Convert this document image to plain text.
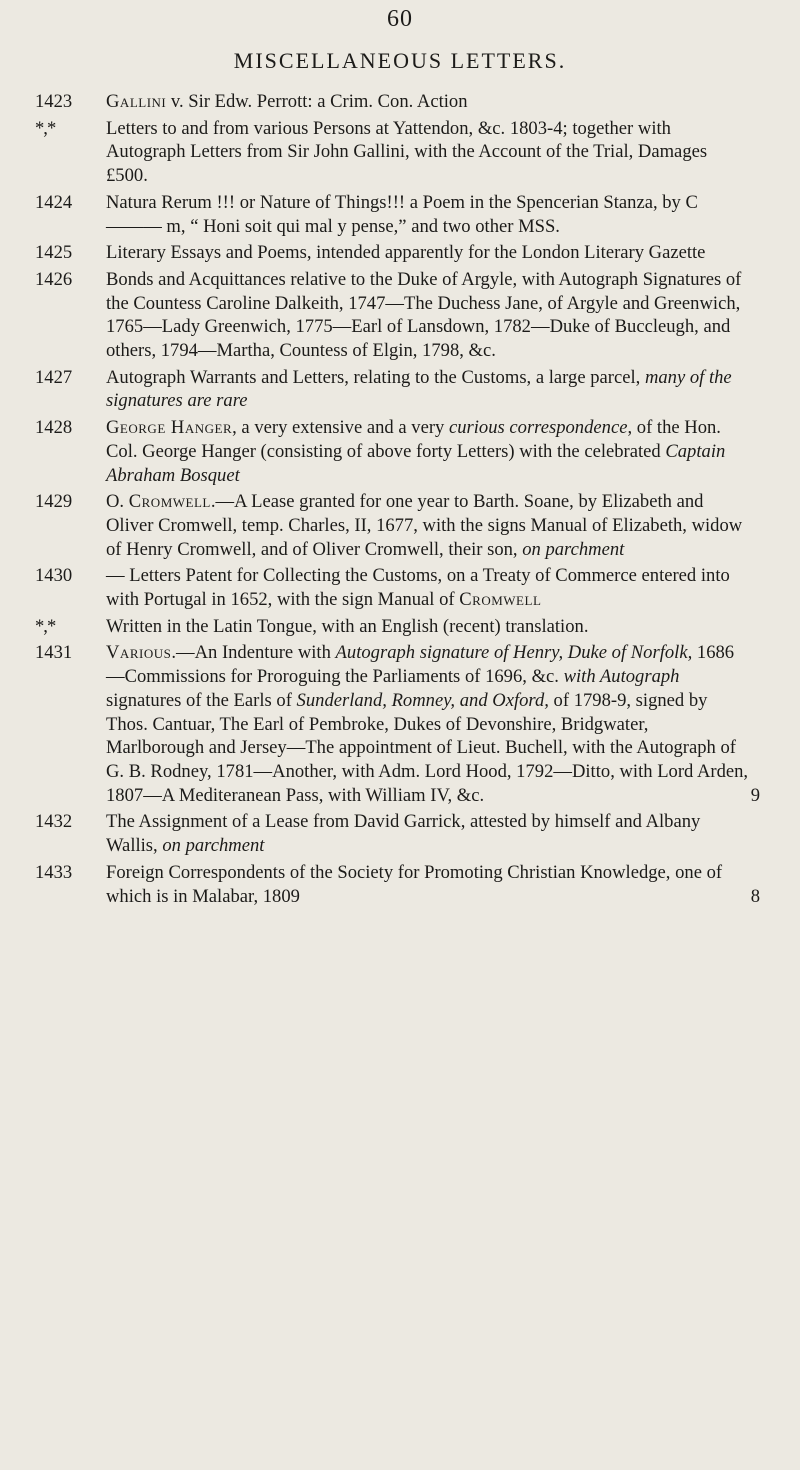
60
MISCELLANEOUS LETTERS.
1423	Gallini v. Sir Edw. Perrott: a Crim. Con. Action
*,*	Letters to and from various Persons at Yattendon, &c. 1803-4; together with Autograph Letters from Sir John Gallini, with the Account of the Trial, Damages £500.
1424	Natura Rerum !!! or Nature of Things!!! a Poem in the Spencerian Stanza, by C——— m, “ Honi soit qui mal y pense,” and two other MSS.
1425	Literary Essays and Poems, intended apparently for the London Literary Gazette
1426	Bonds and Acquittances relative to the Duke of Argyle, with Autograph Signatures of the Countess Caroline Dalkeith, 1747—The Duchess Jane, of Argyle and Greenwich, 1765—Lady Greenwich, 1775—Earl of Lansdown, 1782—Duke of Buccleugh, and others, 1794—Martha, Countess of Elgin, 1798, &c.
1427	Autograph Warrants and Letters, relating to the Customs, a large parcel, many of the signatures are rare
1428	George Hanger, a very extensive and a very curious correspondence, of the Hon. Col. George Hanger (consisting of above forty Letters) with the celebrated Captain Abraham Bosquet
1429	O. Cromwell.—A Lease granted for one year to Barth. Soane, by Elizabeth and Oliver Cromwell, temp. Charles, II, 1677, with the signs Manual of Elizabeth, widow of Henry Cromwell, and of Oliver Cromwell, their son, on parchment
1430	— Letters Patent for Collecting the Customs, on a Treaty of Commerce entered into with Portugal in 1652, with the sign Manual of Cromwell
*,*	Written in the Latin Tongue, with an English (recent) translation.
1431	Various.—An Indenture with Autograph signature of Henry, Duke of Norfolk, 1686—Commissions for Proroguing the Parliaments of 1696, &c. with Autograph signatures of the Earls of Sunderland, Romney, and Oxford, of 1798-9, signed by Thos. Cantuar, The Earl of Pembroke, Dukes of Devonshire, Bridgwater, Marlborough and Jersey—The appointment of Lieut. Buchell, with the Autograph of G. B. Rodney, 1781—Another, with Adm. Lord Hood, 1792—Ditto, with Lord Arden, 1807—A Mediteranean Pass, with William IV, &c.	9
1432	The Assignment of a Lease from David Garrick, attested by himself and Albany Wallis, on parchment
1433	Foreign Correspondents of the Society for Promoting Christian Knowledge, one of which is in Malabar, 1809	8
